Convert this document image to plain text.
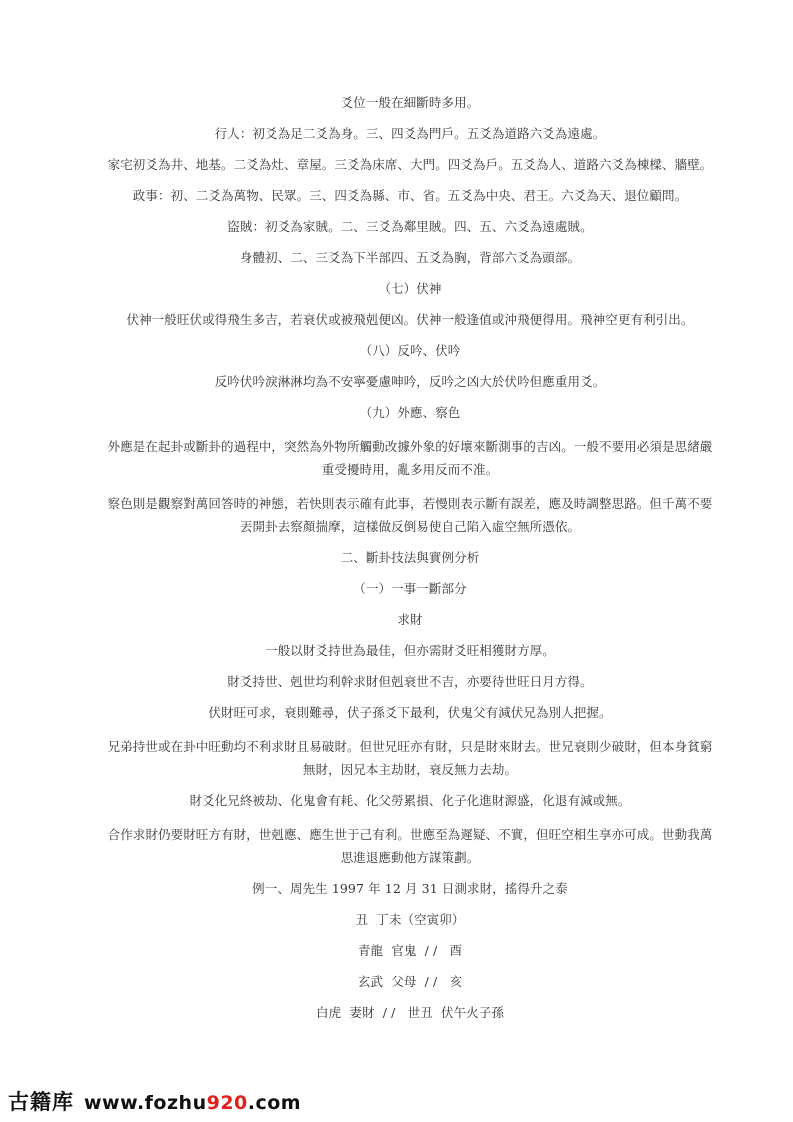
爻位一般在細斷時多用。

行人：初爻為足二爻為身。三、四爻為門戶。五爻為道路六爻為遠處。

家宅初爻為井、地基。二爻為灶、章屋。三爻為床席、大門。四爻為戶。五爻為人、道路六爻為棟樑、牆壁。

政事：初、二爻為萬物、民眾。三、四爻為縣、市、省。五爻為中央、君王。六爻為天、退位顧問。

盜賊：初爻為家賊。二、三爻為鄰里賊。四、五、六爻為遠處賊。

身體初、二、三爻為下半部四、五爻為胸，背部六爻為頭部。

（七）伏神

伏神一般旺伏或得飛生多吉，若衰伏或被飛剋便凶。伏神一般逢值或沖飛便得用。飛神空更有利引出。

（八）反吟、伏吟

反吟伏吟淚淋淋均為不安寧憂慮呻吟，反吟之凶大於伏吟但應重用爻。

（九）外應、察色

外應是在起卦或斷卦的過程中，突然為外物所觸動改據外象的好壞來斷測事的吉凶。一般不要用必須是思緒嚴重受擾時用，亂多用反而不准。

察色則是觀察對萬回答時的神態，若快則表示確有此事，若慢則表示斷有誤差，應及時調整思路。但千萬不要丟開卦去察顏揣摩，這樣做反倒易使自己陷入虛空無所憑依。

二、斷卦技法與實例分析

（一）一事一斷部分

求財

一般以財爻持世為最佳，但亦需財爻旺相獲財方厚。

財爻持世、剋世均利幹求財但剋衰世不吉，亦要待世旺日月方得。

伏財旺可求，衰則難尋，伏子孫爻下最利，伏鬼父有減伏兄為別人把握。

兄弟持世或在卦中旺動均不利求財且易破財。但世兄旺亦有財，只是財來財去。世兄衰則少破財，但本身貧窮無財，因兄本主劫財，衰反無力去劫。

財爻化兄終被劫、化鬼會有耗、化父勞累損、化子化進財源盛，化退有減或無。

合作求財仍要財旺方有財，世剋應、應生世于己有利。世應至為遲疑、不實，但旺空相生享亦可成。世動我萬思進退應動他方謀策劃。

例一、周先生 1997 年 12 月 31 日測求財，搖得升之泰

丑  丁未（空寅卯）

青龍  官鬼  / /   酉

玄武  父母  / /   亥

白虎  妻財  / /   世丑  伏午火子孫

古籍库 www.fozhu920.com
